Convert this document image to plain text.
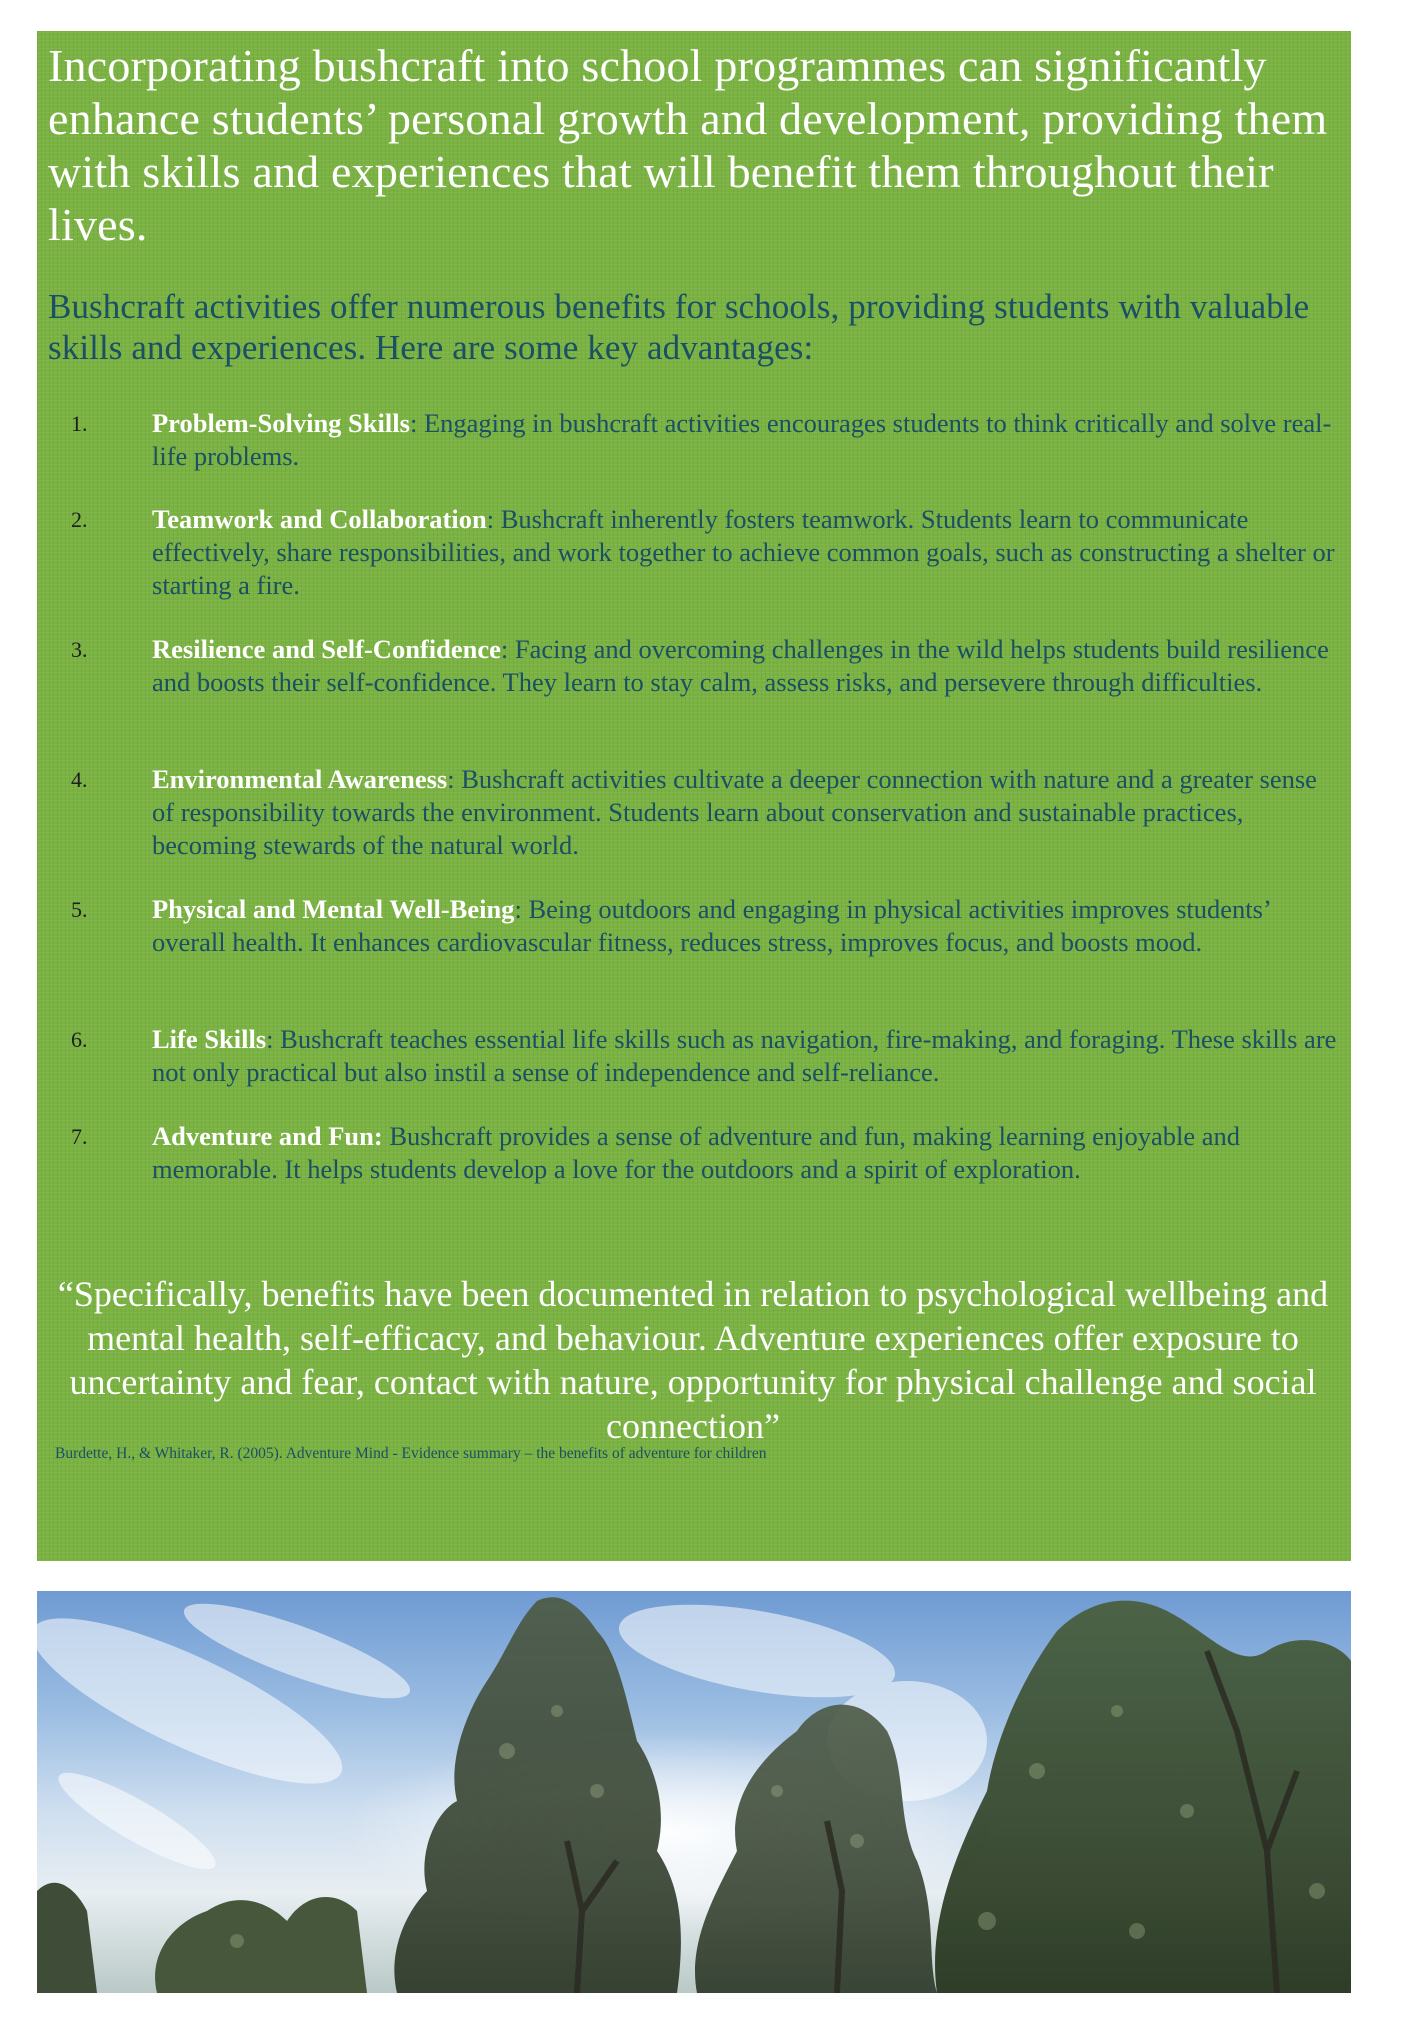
Incorporating bushcraft into school programmes can significantly enhance students’ personal growth and development, providing them with skills and experiences that will benefit them throughout their lives.

Bushcraft activities offer numerous benefits for schools, providing students with valuable skills and experiences. Here are some key advantages:

1.	Problem-Solving Skills: Engaging in bushcraft activities encourages students to think critically and solve real-life problems.
2.	Teamwork and Collaboration: Bushcraft inherently fosters teamwork. Students learn to communicate effectively, share responsibilities, and work together to achieve common goals, such as constructing a shelter or starting a fire.
3.	Resilience and Self-Confidence: Facing and overcoming challenges in the wild helps students build resilience and boosts their self-confidence. They learn to stay calm, assess risks, and persevere through difficulties.
4.	Environmental Awareness: Bushcraft activities cultivate a deeper connection with nature and a greater sense of responsibility towards the environment. Students learn about conservation and sustainable practices, becoming stewards of the natural world.
5.	Physical and Mental Well-Being: Being outdoors and engaging in physical activities improves students’ overall health. It enhances cardiovascular fitness, reduces stress, improves focus, and boosts mood.
6.	Life Skills: Bushcraft teaches essential life skills such as navigation, fire-making, and foraging. These skills are not only practical but also instil a sense of independence and self-reliance.
7.	Adventure and Fun: Bushcraft provides a sense of adventure and fun, making learning enjoyable and memorable. It helps students develop a love for the outdoors and a spirit of exploration.

“Specifically, benefits have been documented in relation to psychological wellbeing and mental health, self-efficacy, and behaviour. Adventure experiences offer exposure to uncertainty and fear, contact with nature, opportunity for physical challenge and social connection”

Burdette, H., & Whitaker, R. (2005). Adventure Mind - Evidence summary – the benefits of adventure for children
